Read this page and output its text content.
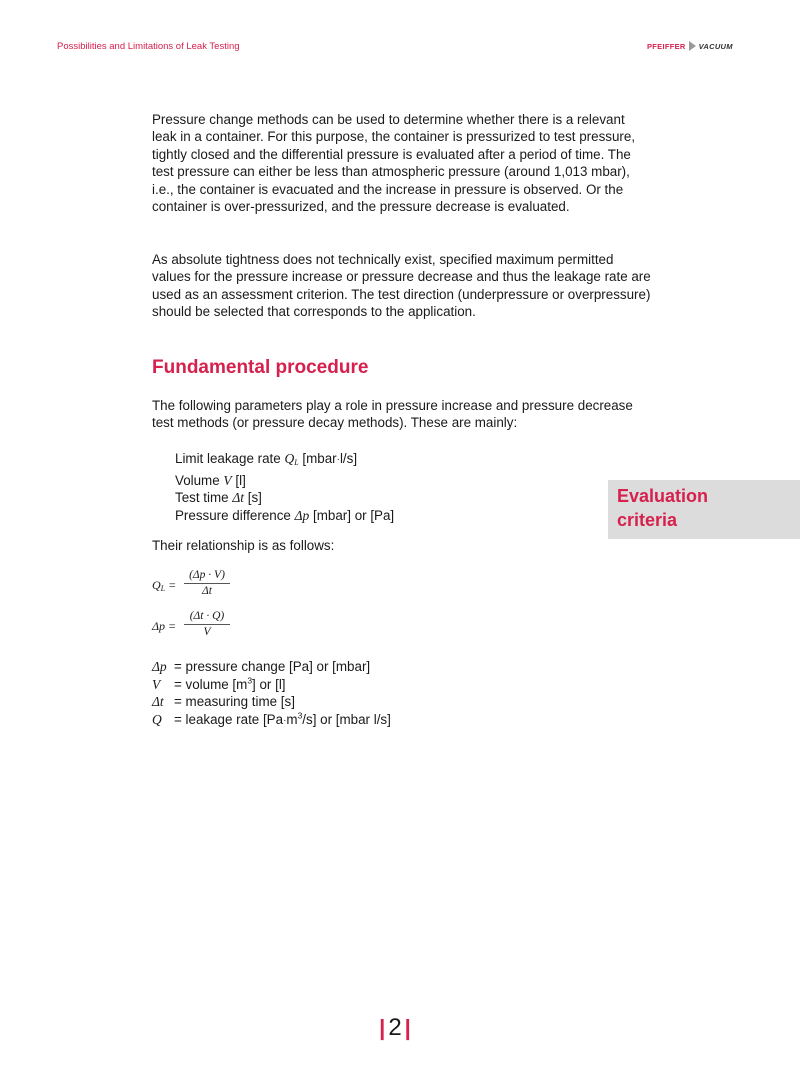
Possibilities and Limitations of Leak Testing	PFEIFFER VACUUM

Pressure change methods can be used to determine whether there is a relevant leak in a container. For this purpose, the container is pressurized to test pressure, tightly closed and the differential pressure is evaluated after a period of time. The test pressure can either be less than atmospheric pressure (around 1,013 mbar), i.e., the container is evacuated and the increase in pressure is observed. Or the container is over-pressurized, and the pressure decrease is evaluated.

As absolute tightness does not technically exist, specified maximum permitted values for the pressure increase or pressure decrease and thus the leakage rate are used as an assessment criterion. The test direction (underpressure or overpressure) should be selected that corresponds to the application.

Fundamental procedure

The following parameters play a role in pressure increase and pressure decrease test methods (or pressure decay methods). These are mainly:

Limit leakage rate $Q_L$ [mbar·l/s]
Volume V [l]
Test time Δt [s]
Pressure difference Δp [mbar] or [Pa]
Evaluation criteria

Their relationship is as follows:

$Q_L = \frac{(\Delta p \cdot V)}{\Delta t}$
$\Delta p = \frac{(\Delta t \cdot Q)}{V}$
Δp = pressure change [Pa] or [mbar]
V	= volume $[m^3]$ or [l]
Δt = measuring time [s]
Q = leakage rate $[Pa\cdot m^3/s]$ or [mbar l/s]
| 2 |
